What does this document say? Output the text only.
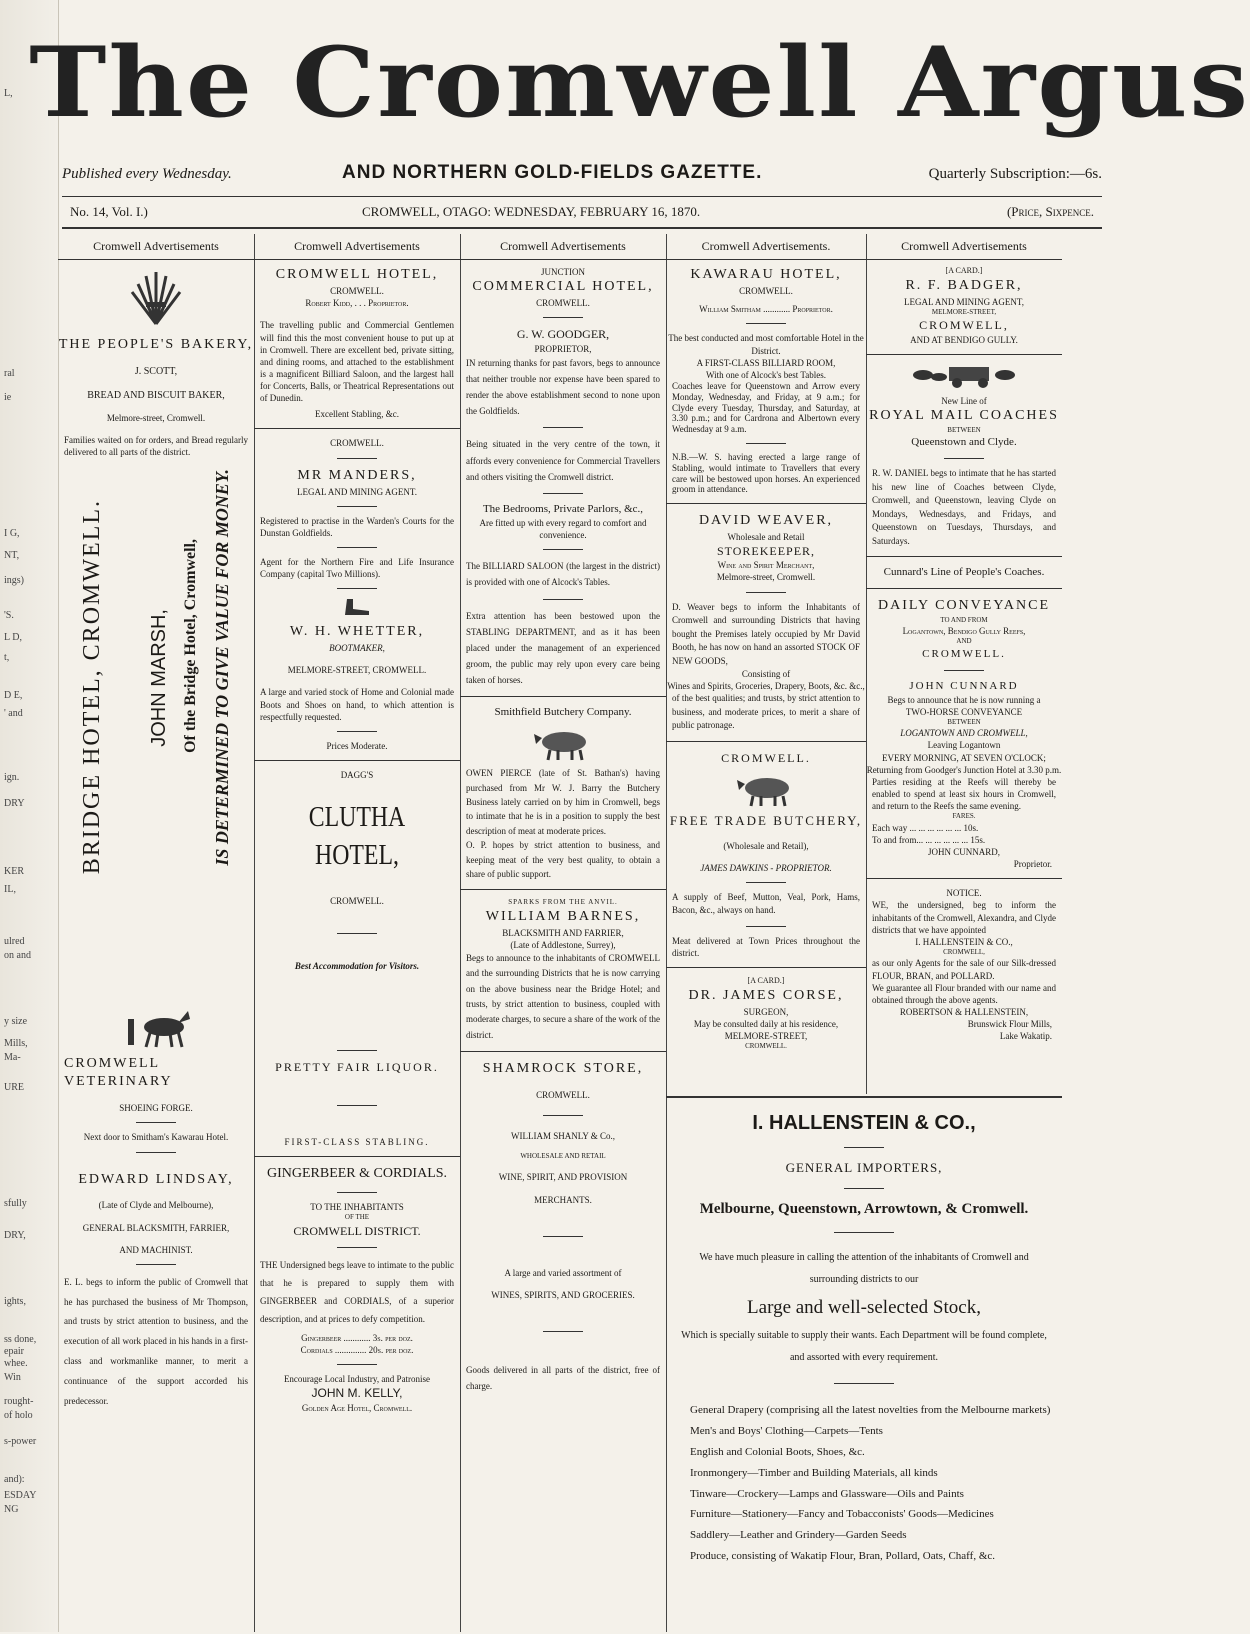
L,
ral
ie
I G,
NT,
ings)
'S.
L D,
t,
D E,
' and
ign.
DRY
KER
IL,
ulred
on and
y size
Mills,
Ma-
URE
sfully
DRY,
ights,
ss done,
epair
whee.
Win
rought-
of holo
s-power
and):
ESDAY
NG
The Cromwell Argus
Published every Wednesday.	AND NORTHERN GOLD-FIELDS GAZETTE.	Quarterly Subscription:—6s.
No. 14, Vol. I.)	CROMWELL, OTAGO: WEDNESDAY, FEBRUARY 16, 1870.	(Price, Sixpence.
Cromwell Advertisements
THE PEOPLE'S BAKERY,
J. SCOTT,
BREAD AND BISCUIT BAKER,
Melmore-street, Cromwell.
Families waited on for orders, and Bread regularly delivered to all parts of the district.
BRIDGE HOTEL, CROMWELL. JOHN MARSH, Of the Bridge Hotel, Cromwell, IS DETERMINED TO GIVE VALUE FOR MONEY.
CROMWELL VETERINARY
SHOEING FORGE.
Next door to Smitham's Kawarau Hotel.
EDWARD LINDSAY,
(Late of Clyde and Melbourne),
GENERAL BLACKSMITH, FARRIER,
AND MACHINIST.
E. L. begs to inform the public of Cromwell that he has purchased the business of Mr Thompson, and trusts by strict attention to business, and the execution of all work placed in his hands in a first-class and workmanlike manner, to merit a continuance of the support accorded his predecessor.
Cromwell Advertisements
CROMWELL HOTEL,
CROMWELL.
Robert Kidd, . . . Proprietor.
The travelling public and Commercial Gentlemen will find this the most convenient house to put up at in Cromwell. There are excellent bed, private sitting, and dining rooms, and attached to the establishment is a magnificent Billiard Saloon, and the largest hall for Concerts, Balls, or Theatrical Representations out of Dunedin.
Excellent Stabling, &c.
CROMWELL.
MR MANDERS,
LEGAL AND MINING AGENT.
Registered to practise in the Warden's Courts for the Dunstan Goldfields.
Agent for the Northern Fire and Life Insurance Company (capital Two Millions).
W. H. WHETTER,
BOOTMAKER,
MELMORE-STREET, CROMWELL.
A large and varied stock of Home and Colonial made Boots and Shoes on hand, to which attention is respectfully requested.
Prices Moderate.
DAGG'S
CLUTHA HOTEL,
CROMWELL.
Best Accommodation for Visitors.
PRETTY FAIR LIQUOR.
FIRST-CLASS STABLING.
GINGERBEER & CORDIALS.
TO THE INHABITANTS
OF THE
CROMWELL DISTRICT.
THE Undersigned begs leave to intimate to the public that he is prepared to supply them with GINGERBEER and CORDIALS, of a superior description, and at prices to defy competition.
Gingerbeer ............ 3s. per doz.
Cordials .............. 20s. per doz.
Encourage Local Industry, and Patronise
JOHN M. KELLY,
Golden Age Hotel, Cromwell.
Cromwell Advertisements
JUNCTION
COMMERCIAL HOTEL,
CROMWELL.
G. W. GOODGER,
PROPRIETOR,
IN returning thanks for past favors, begs to announce that neither trouble nor expense have been spared to render the above establishment second to none upon the Goldfields.
Being situated in the very centre of the town, it affords every convenience for Commercial Travellers and others visiting the Cromwell district.
The Bedrooms, Private Parlors, &c.,
Are fitted up with every regard to comfort and convenience.
The BILLIARD SALOON (the largest in the district) is provided with one of Alcock's Tables.
Extra attention has been bestowed upon the STABLING DEPARTMENT, and as it has been placed under the management of an experienced groom, the public may rely upon every care being taken of horses.
Smithfield Butchery Company.
OWEN PIERCE (late of St. Bathan's) having purchased from Mr W. J. Barry the Butchery Business lately carried on by him in Cromwell, begs to intimate that he is in a position to supply the best description of meat at moderate prices.
O. P. hopes by strict attention to business, and keeping meat of the very best quality, to obtain a share of public support.
SPARKS FROM THE ANVIL.
WILLIAM BARNES,
BLACKSMITH AND FARRIER,
(Late of Addlestone, Surrey),
Begs to announce to the inhabitants of CROMWELL and the surrounding Districts that he is now carrying on the above business near the Bridge Hotel; and trusts, by strict attention to business, coupled with moderate charges, to secure a share of the work of the district.
SHAMROCK STORE,
CROMWELL.
WILLIAM SHANLY & Co.,
WHOLESALE AND RETAIL
WINE, SPIRIT, AND PROVISION
MERCHANTS.
A large and varied assortment of
WINES, SPIRITS, AND GROCERIES.
Goods delivered in all parts of the district, free of charge.
Cromwell Advertisements.
KAWARAU HOTEL,
CROMWELL.
William Smitham ............ Proprietor.
The best conducted and most comfortable Hotel in the District.
A FIRST-CLASS BILLIARD ROOM,
With one of Alcock's best Tables.
Coaches leave for Queenstown and Arrow every Monday, Wednesday, and Friday, at 9 a.m.; for Clyde every Tuesday, Thursday, and Saturday, at 3.30 p.m.; and for Cardrona and Albertown every Wednesday at 9 a.m.
N.B.—W. S. having erected a large range of Stabling, would intimate to Travellers that every care will be bestowed upon horses. An experienced groom in attendance.
DAVID WEAVER,
Wholesale and Retail
STOREKEEPER,
Wine and Spirit Merchant,
Melmore-street, Cromwell.
D. Weaver begs to inform the Inhabitants of Cromwell and surrounding Districts that having bought the Premises lately occupied by Mr David Booth, he has now on hand an assorted STOCK OF NEW GOODS,
Consisting of
Wines and Spirits, Groceries, Drapery, Boots, &c. &c.,
of the best qualities; and trusts, by strict attention to business, and moderate prices, to merit a share of public patronage.
CROMWELL.
FREE TRADE BUTCHERY,
(Wholesale and Retail),
JAMES DAWKINS - PROPRIETOR.
A supply of Beef, Mutton, Veal, Pork, Hams, Bacon, &c., always on hand.
Meat delivered at Town Prices throughout the district.
[A CARD.]
DR. JAMES CORSE,
SURGEON,
May be consulted daily at his residence,
MELMORE-STREET,
CROMWELL.
Cromwell Advertisements
[A CARD.]
R. F. BADGER,
LEGAL AND MINING AGENT,
MELMORE-STREET,
CROMWELL,
AND AT BENDIGO GULLY.
New Line of
ROYAL MAIL COACHES
BETWEEN
Queenstown and Clyde.
R. W. DANIEL begs to intimate that he has started his new line of Coaches between Clyde, Cromwell, and Queenstown, leaving Clyde on Mondays, Wednesdays, and Fridays, and Queenstown on Tuesdays, Thursdays, and Saturdays.
Cunnard's Line of People's Coaches.
DAILY CONVEYANCE
TO AND FROM
Logantown, Bendigo Gully Reefs,
AND
CROMWELL.
JOHN CUNNARD
Begs to announce that he is now running a
TWO-HORSE CONVEYANCE
BETWEEN
LOGANTOWN AND CROMWELL,
Leaving Logantown
EVERY MORNING, AT SEVEN O'CLOCK;
Returning from Goodger's Junction Hotel at 3.30 p.m.
Parties residing at the Reefs will thereby be enabled to spend at least six hours in Cromwell, and return to the Reefs the same evening.
FARES.
Each way ... ... ... ... ... ... 10s.
To and from... ... ... ... ... ... 15s.
JOHN CUNNARD,
Proprietor.
NOTICE.
WE, the undersigned, beg to inform the inhabitants of the Cromwell, Alexandra, and Clyde districts that we have appointed
I. HALLENSTEIN & CO.,
CROMWELL,
as our only Agents for the sale of our Silk-dressed FLOUR, BRAN, and POLLARD.
We guarantee all Flour branded with our name and obtained through the above agents.
ROBERTSON & HALLENSTEIN,
Brunswick Flour Mills,
Lake Wakatip.
I. HALLENSTEIN & CO.,
GENERAL IMPORTERS,
Melbourne, Queenstown, Arrowtown, & Cromwell.
We have much pleasure in calling the attention of the inhabitants of Cromwell and surrounding districts to our
Large and well-selected Stock,
Which is specially suitable to supply their wants. Each Department will be found complete, and assorted with every requirement.
General Drapery (comprising all the latest novelties from the Melbourne markets)
Men's and Boys' Clothing—Carpets—Tents
English and Colonial Boots, Shoes, &c.
Ironmongery—Timber and Building Materials, all kinds
Tinware—Crockery—Lamps and Glassware—Oils and Paints
Furniture—Stationery—Fancy and Tobacconists' Goods—Medicines
Saddlery—Leather and Grindery—Garden Seeds
Produce, consisting of Wakatip Flour, Bran, Pollard, Oats, Chaff, &c.
